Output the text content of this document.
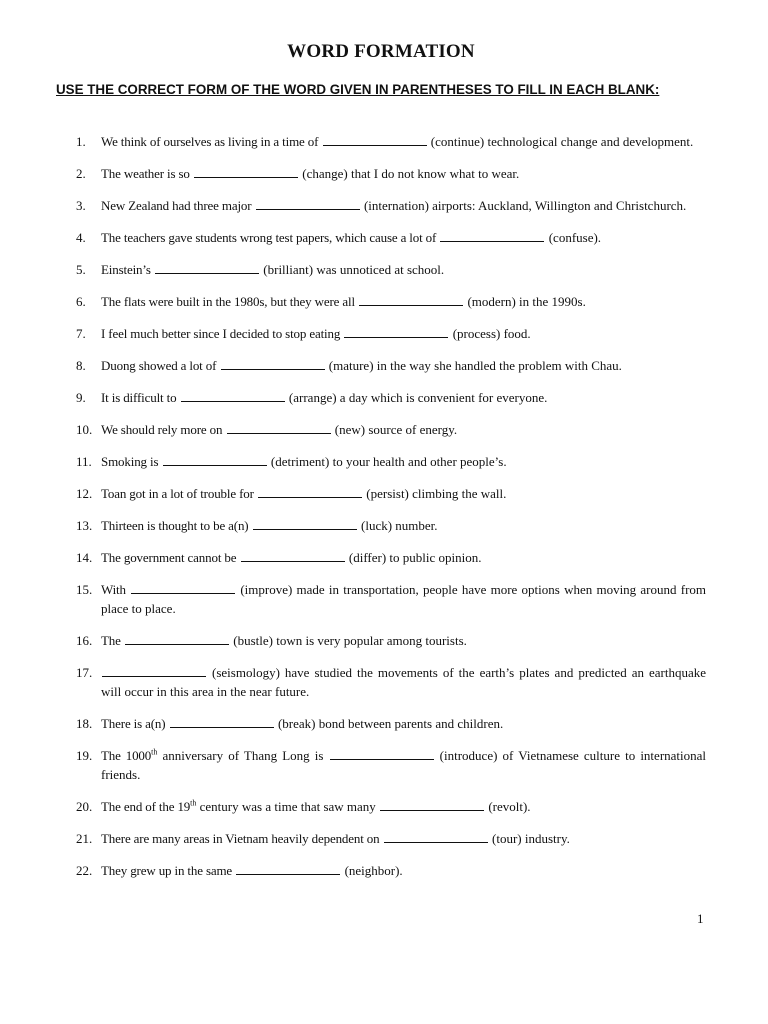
WORD FORMATION
USE THE CORRECT FORM OF THE WORD GIVEN IN PARENTHESES TO FILL IN EACH BLANK:
1. We think of ourselves as living in a time of	(continue) technological change and development.
2. The weather is so	(change) that I do not know what to wear.
3. New Zealand had three major	(internation) airports: Auckland, Willington and Christchurch.
4. The teachers gave students wrong test papers, which cause a lot of	(confuse).
5. Einstein’s	(brilliant) was unnoticed at school.
6. The flats were built in the 1980s, but they were all	(modern) in the 1990s.
7. I feel much better since I decided to stop eating	(process) food.
8. Duong showed a lot of	(mature) in the way she handled the problem with Chau.
9. It is difficult to	(arrange) a day which is convenient for everyone.
10. We should rely more on	(new) source of energy.
11. Smoking is	(detriment) to your health and other people’s.
12. Toan got in a lot of trouble for	(persist) climbing the wall.
13. Thirteen is thought to be a(n)	(luck) number.
14. The government cannot be	(differ) to public opinion.
15. With	(improve) made in transportation, people have more options when moving around from place to place.
16. The	(bustle) town is very popular among tourists.
17.	(seismology) have studied the movements of the earth’s plates and predicted an earthquake will occur in this area in the near future.
18. There is a(n)	(break) bond between parents and children.
19. The 1000th anniversary of Thang Long is	(introduce) of Vietnamese culture to international friends.
20. The end of the 19th century was a time that saw many	(revolt).
21. There are many areas in Vietnam heavily dependent on	(tour) industry.
22. They grew up in the same	(neighbor).
1
